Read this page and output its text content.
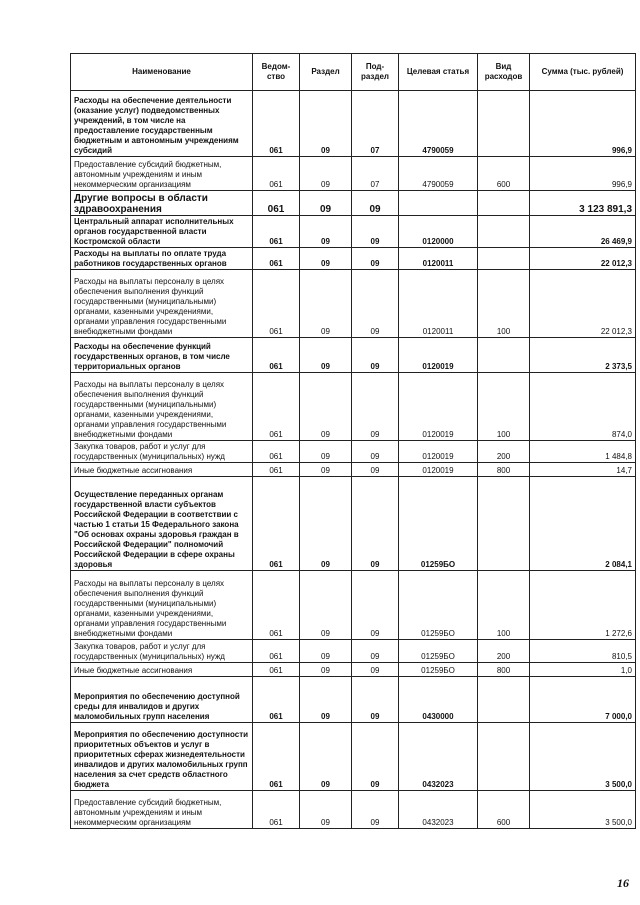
Наименование	Ведом-ство	Раздел	Под-раздел	Целевая статья	Вид расходов	Сумма (тыс. рублей)
Расходы на обеспечение деятельности (оказание услуг) подведомственных учреждений, в том числе на предоставление государственным бюджетным и автономным учреждениям субсидий	061	09	07	4790059		996,9
Предоставление субсидий бюджетным, автономным учреждениям и иным некоммерческим организациям	061	09	07	4790059	600	996,9
Другие вопросы в области здравоохранения	061	09	09			3 123 891,3
Центральный аппарат исполнительных органов государственной власти Костромской области	061	09	09	0120000		26 469,9
Расходы на выплаты по оплате труда работников государственных органов	061	09	09	0120011		22 012,3
Расходы на выплаты персоналу в целях обеспечения выполнения функций государственными (муниципальными) органами, казенными учреждениями, органами управления государственными внебюджетными фондами	061	09	09	0120011	100	22 012,3
Расходы на обеспечение функций государственных органов, в том числе территориальных органов	061	09	09	0120019		2 373,5
Расходы на выплаты персоналу в целях обеспечения выполнения функций государственными (муниципальными) органами, казенными учреждениями, органами управления государственными внебюджетными фондами	061	09	09	0120019	100	874,0
Закупка товаров, работ и услуг для государственных (муниципальных) нужд	061	09	09	0120019	200	1 484,8
Иные бюджетные ассигнования	061	09	09	0120019	800	14,7
Осуществление переданных органам государственной власти субъектов Российской Федерации в соответствии с частью 1 статьи 15 Федерального закона "Об основах охраны здоровья граждан в Российской Федерации" полномочий Российской Федерации в сфере охраны здоровья	061	09	09	01259БО		2 084,1
Расходы на выплаты персоналу в целях обеспечения выполнения функций государственными (муниципальными) органами, казенными учреждениями, органами управления государственными внебюджетными фондами	061	09	09	01259БО	100	1 272,6
Закупка товаров, работ и услуг для государственных (муниципальных) нужд	061	09	09	01259БО	200	810,5
Иные бюджетные ассигнования	061	09	09	01259БО	800	1,0
Мероприятия по обеспечению доступной среды для инвалидов и других маломобильных групп населения	061	09	09	0430000		7 000,0
Мероприятия по обеспечению доступности приоритетных объектов и услуг в приоритетных сферах жизнедеятельности инвалидов и других маломобильных групп населения за счет средств областного бюджета	061	09	09	0432023		3 500,0
Предоставление субсидий бюджетным, автономным учреждениям и иным некоммерческим организациям	061	09	09	0432023	600	3 500,0
16
